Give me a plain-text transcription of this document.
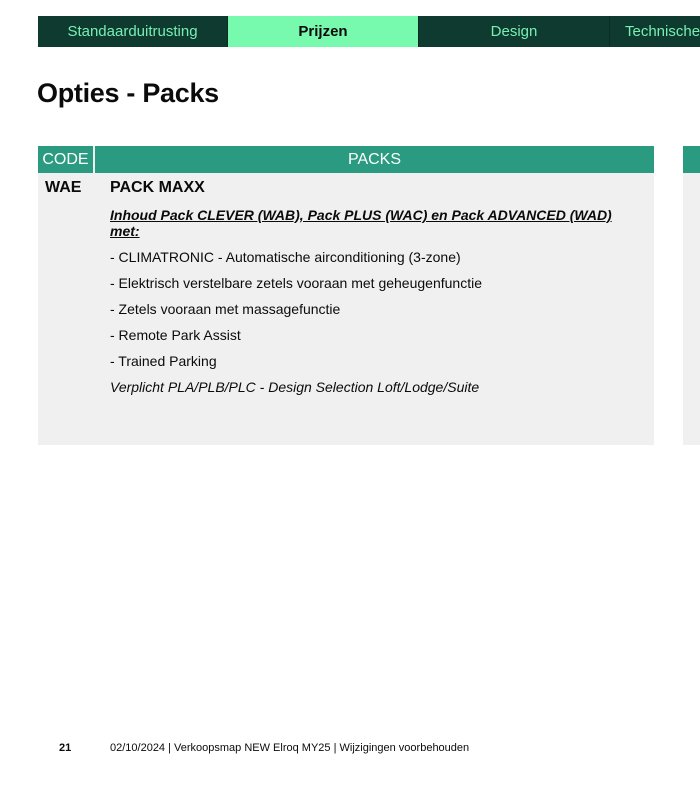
Standaarduitrusting	Prijzen	Design	Technische
Opties - Packs
CODE	PACKS
WAE PACK MAXX

Inhoud Pack CLEVER (WAB), Pack PLUS (WAC) en Pack ADVANCED (WAD) met:

- CLIMATRONIC - Automatische airconditioning (3-zone)

- Elektrisch verstelbare zetels vooraan met geheugenfunctie

- Zetels vooraan met massagefunctie

- Remote Park Assist

- Trained Parking

Verplicht PLA/PLB/PLC - Design Selection Loft/Lodge/Suite

21	02/10/2024 | Verkoopsmap NEW Elroq MY25 | Wijzigingen voorbehouden
